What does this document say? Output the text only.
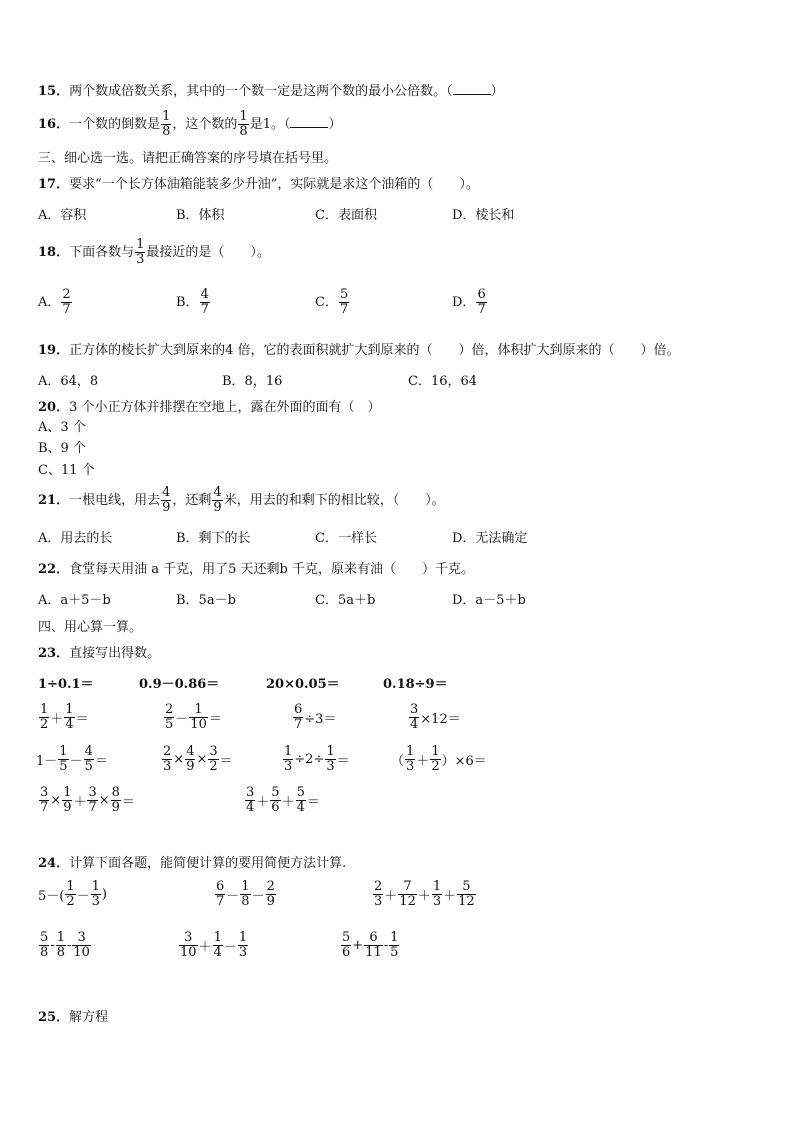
15．两个数成倍数关系，其中的一个数一定是这两个数的最小公倍数。（	）
16．一个数的倒数是 $\frac{1}{8}$ ，这个数的 $\frac{1}{8}$ 是1。（	）
三、细心选一选。请把正确答案的序号填在括号里。
17．要求“一个长方体油箱能装多少升油”，实际就是求这个油箱的（　　）。
A．容积	B．体积	C．表面积	D．棱长和
18．下面各数与 $\frac{1}{3}$ 最接近的是（　　）。
A． $\frac{2}{7}$	B． $\frac{4}{7}$	C． $\frac{5}{7}$	D． $\frac{6}{7}$
19．正方体的棱长扩大到原来的4 倍，它的表面积就扩大到原来的（　　）倍，体积扩大到原来的（　　）倍。
A．64，8	B．8，16	C．16，64
20．3 个小正方体并排摆在空地上，露在外面的面有（　）
A、3 个
B、9 个
C、11 个
21．一根电线，用去 $\frac{4}{9}$ ，还剩 $\frac{4}{9}$ 米，用去的和剩下的相比较，（　　）。
A．用去的长	B．剩下的长	C．一样长	D．无法确定
22．食堂每天用油 a 千克，用了5 天还剩b 千克，原来有油（　　）千克。
A．a＋5－b	B．5a－b	C．5a＋b	D．a－5＋b
四、用心算一算。
23．直接写出得数。
1÷0.1＝	0.9－0.86＝	20×0.05＝	0.18÷9＝
$\frac{1}{2} + \frac{1}{4}$ ＝	$\frac{2}{5} - \frac{1}{10}$ ＝	$\frac{6}{7} \div 3=$	$\frac{3}{4} \times 12=$
$1- \frac{1}{5} - \frac{4}{5}$ ＝	$\frac{2}{3} \times \frac{4}{9} \times \frac{3}{2}$ ＝	$\frac{1}{3} \div 2\div \frac{1}{3}$ ＝	（ $\frac{1}{3} + \frac{1}{2} )\times 6=$
$\frac{3}{7} \times \frac{1}{9} + \frac{3}{7} \times \frac{8}{9}$ ＝	$\frac{3}{4} + \frac{5}{6} + \frac{5}{4}$ ＝
24．计算下面各题，能简便计算的要用简便方法计算.
$5-( \frac{1}{2} - \frac{1}{3}$ )	$\frac{6}{7} - \frac{1}{8} - \frac{2}{9}$	$\frac{2}{3} + \frac{7}{12} + \frac{1}{3} + \frac{5}{12}$
$\frac{5}{8} - \frac{1}{8} - \frac{3}{10}$	$\frac{3}{10} + \frac{1}{4} - \frac{1}{3}$	$\frac{5}{6} + \frac{6}{11} - \frac{1}{5}$
25．解方程
